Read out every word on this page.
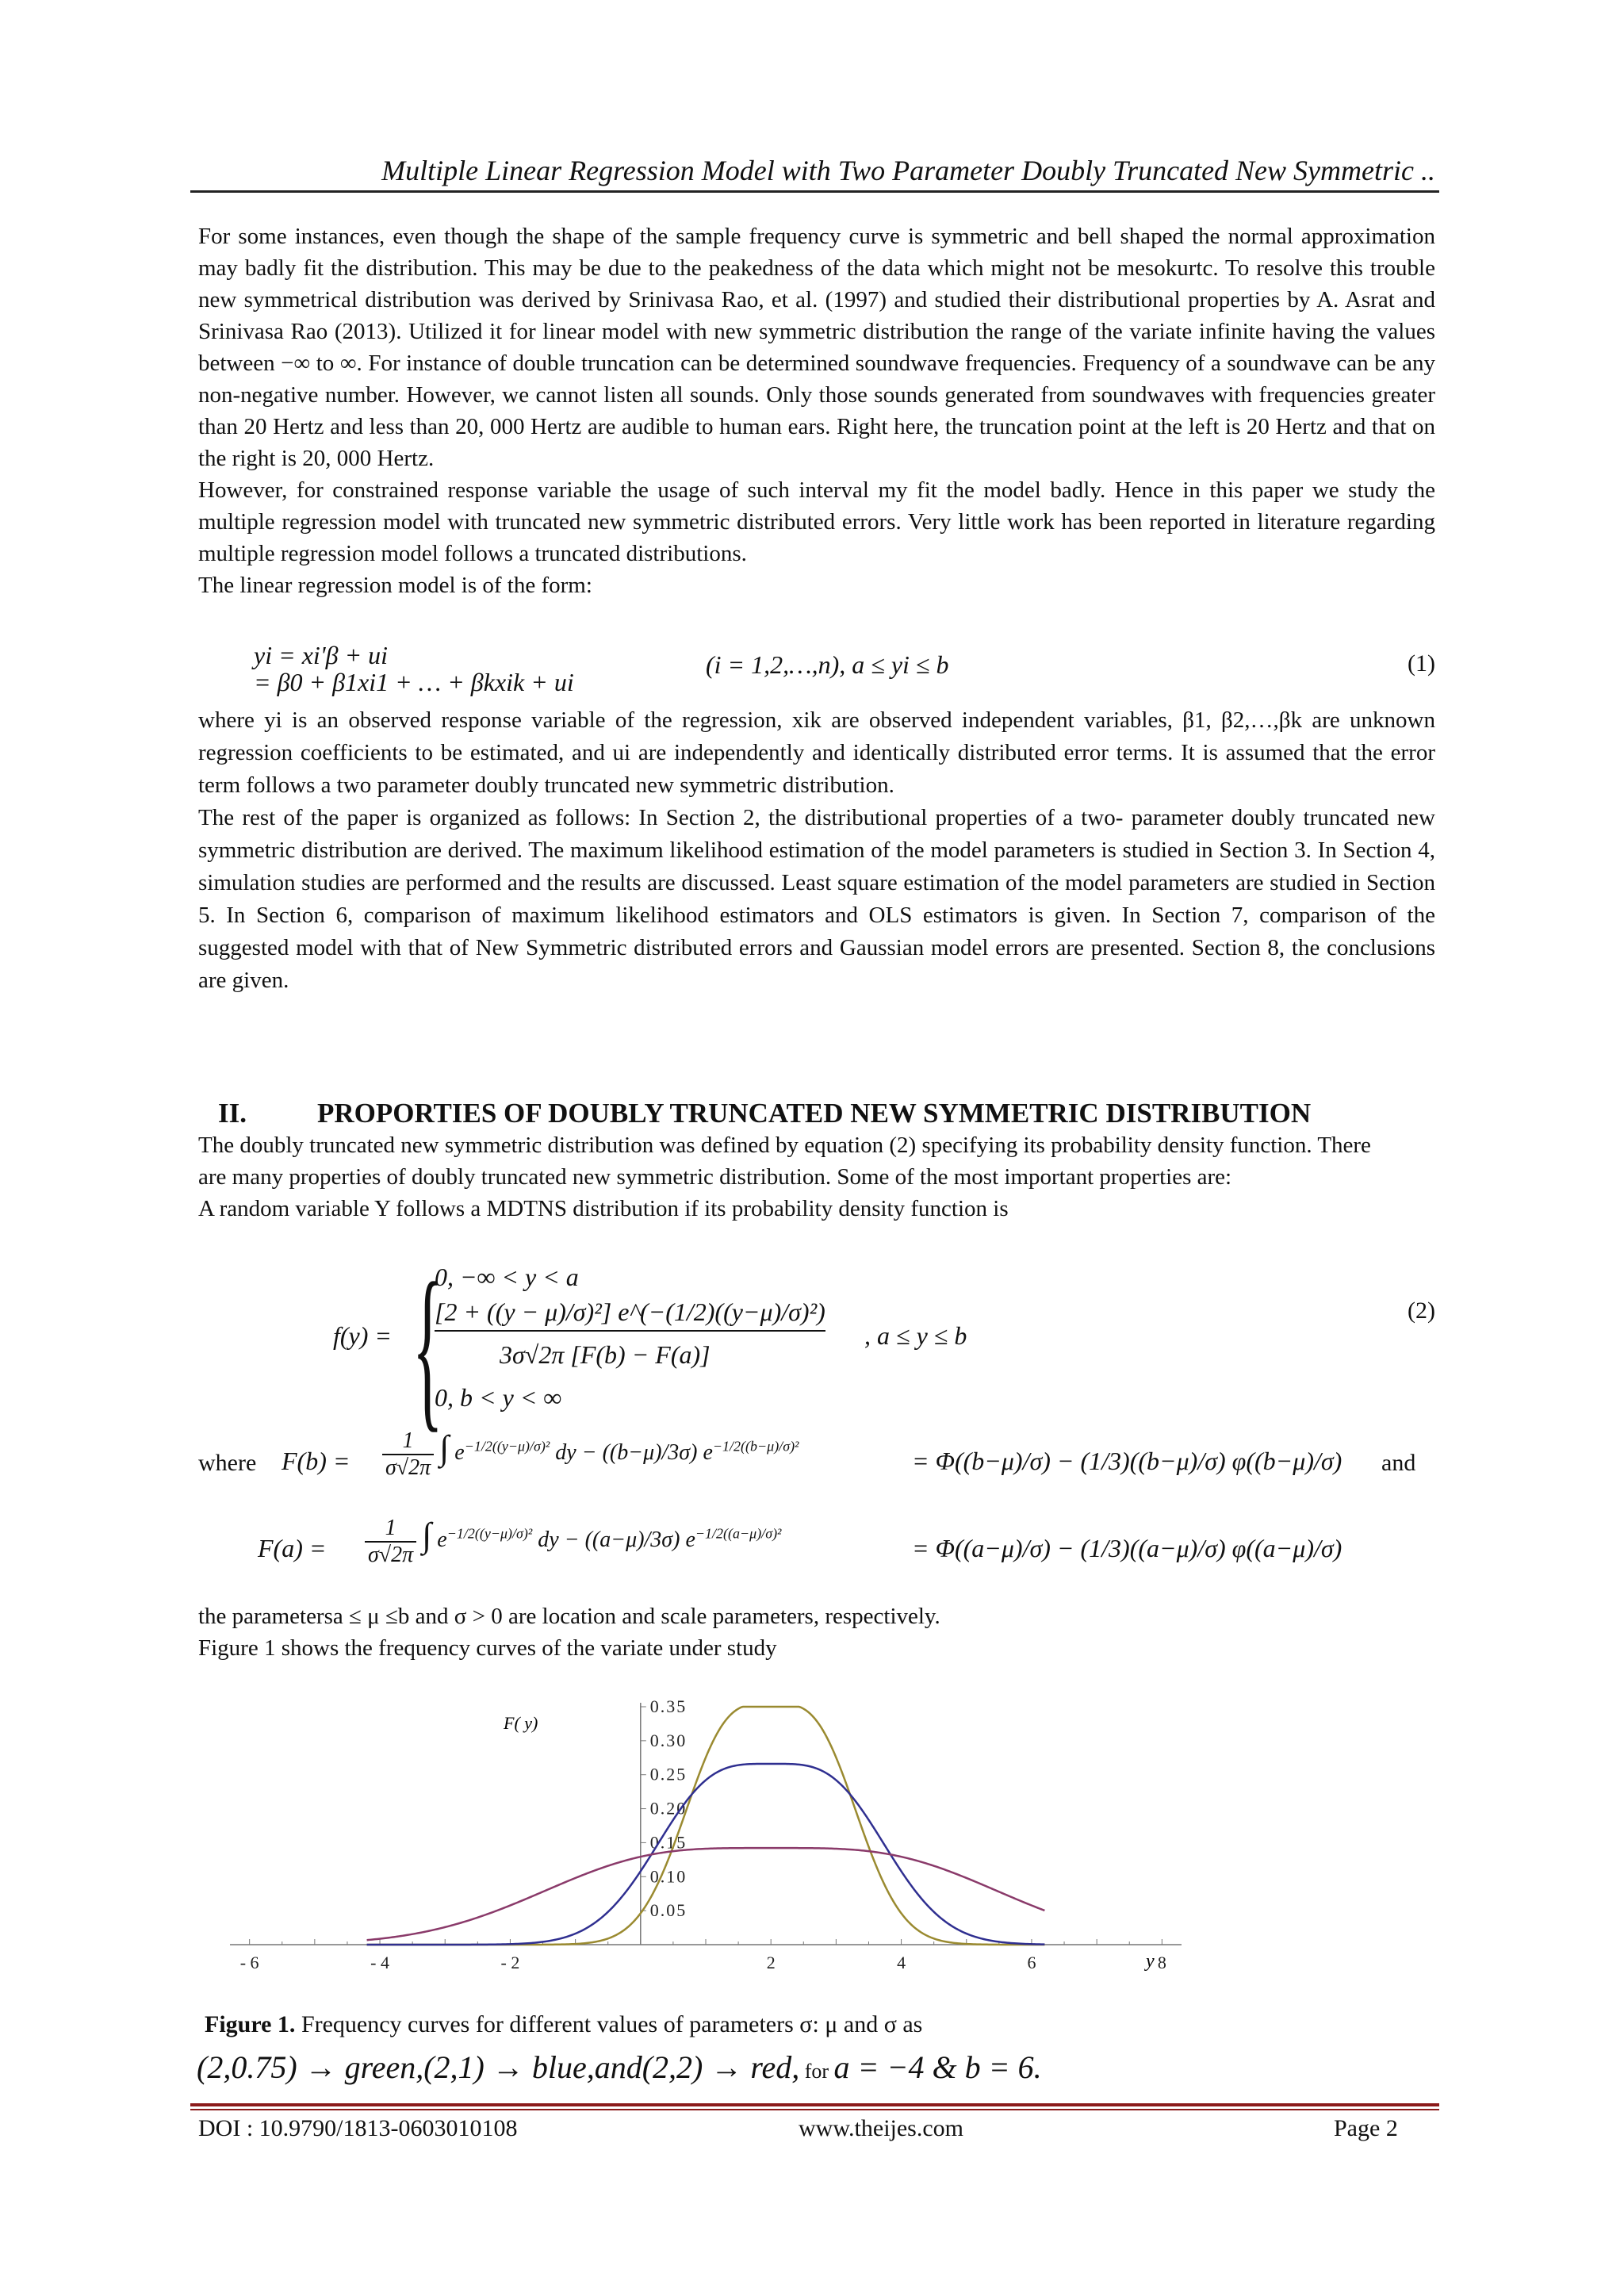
Multiple Linear Regression Model with Two Parameter Doubly Truncated New Symmetric ..

For some instances, even though the shape of the sample frequency curve is symmetric and bell shaped the normal approximation may badly fit the distribution. This may be due to the peakedness of the data which might not be mesokurtc. To resolve this trouble new symmetrical distribution was derived by Srinivasa Rao, et al. (1997) and studied their distributional properties by A. Asrat and Srinivasa Rao (2013). Utilized it for linear model with new symmetric distribution the range of the variate infinite having the values between −∞ to ∞. For instance of double truncation can be determined soundwave frequencies. Frequency of a soundwave can be any non-negative number. However, we cannot listen all sounds. Only those sounds generated from soundwaves with frequencies greater than 20 Hertz and less than 20, 000 Hertz are audible to human ears. Right here, the truncation point at the left is 20 Hertz and that on the right is 20, 000 Hertz.

However, for constrained response variable the usage of such interval my fit the model badly. Hence in this paper we study the multiple regression model with truncated new symmetric distributed errors. Very little work has been reported in literature regarding multiple regression model follows a truncated distributions.

The linear regression model is of the form:

yi = xi'β + ui
= β0 + β1xi1 + … + βkxik + ui
(i = 1,2,…,n), a ≤ yi ≤ b	(1)

where yi is an observed response variable of the regression, xik are observed independent variables, β1, β2,…,βk are unknown regression coefficients to be estimated, and ui are independently and identically distributed error terms. It is assumed that the error term follows a two parameter doubly truncated new symmetric distribution.

The rest of the paper is organized as follows: In Section 2, the distributional properties of a two- parameter doubly truncated new symmetric distribution are derived. The maximum likelihood estimation of the model parameters is studied in Section 3. In Section 4, simulation studies are performed and the results are discussed. Least square estimation of the model parameters are studied in Section 5. In Section 6, comparison of maximum likelihood estimators and OLS estimators is given. In Section 7, comparison of the suggested model with that of New Symmetric distributed errors and Gaussian model errors are presented. Section 8, the conclusions are given.

II.	PROPORTIES OF DOUBLY TRUNCATED NEW SYMMETRIC DISTRIBUTION

The doubly truncated new symmetric distribution was defined by equation (2) specifying its probability density function. There are many properties of doubly truncated new symmetric distribution. Some of the most important properties are:

A random variable Y follows a MDTNS distribution if its probability density function is

f(y) = {
0, −∞ < y < a
[2 + ((y − μ)/σ)²] e^(−(1/2)((y−μ)/σ)²)
3σ√2π [F(b) − F(a)]
, a ≤ y ≤ b
0, b < y < ∞
(2)
where $F(b) = \frac{1}{\sigma√2\pi}$ ∫ $e^{-1/2((y-\mu)/\sigma)^2}$ dy − ((b−μ)/3σ) $e^{-1/2((b-\mu)/\sigma)^2}$
= Φ((b−μ)/σ) − (1/3)((b−μ)/σ) φ((b−μ)/σ) and
$F(a) = \frac{1}{\sigma√2\pi}$ ∫ $e^{-1/2((y-\mu)/\sigma)^2}$ dy − ((a−μ)/3σ) $e^{-1/2((a-\mu)/\sigma)^2}$
= Φ((a−μ)/σ) − (1/3)((a−μ)/σ) φ((a−μ)/σ)

the parametersa ≤ μ ≤b and σ > 0 are location and scale parameters, respectively.

Figure 1 shows the frequency curves of the variate under study

- 6	- 4	- 2	2	4	6	8
0.05
0.10
0.15
0.20
0.25
0.30
0.35
F( y)
y
Figure 1. Frequency curves for different values of parameters σ: μ and σ as
(2,0.75) → green,(2,1) → blue,and(2,2) → red, for a = −4 & b = 6.
DOI : 10.9790/1813-0603010108	www.theijes.com	Page 2
